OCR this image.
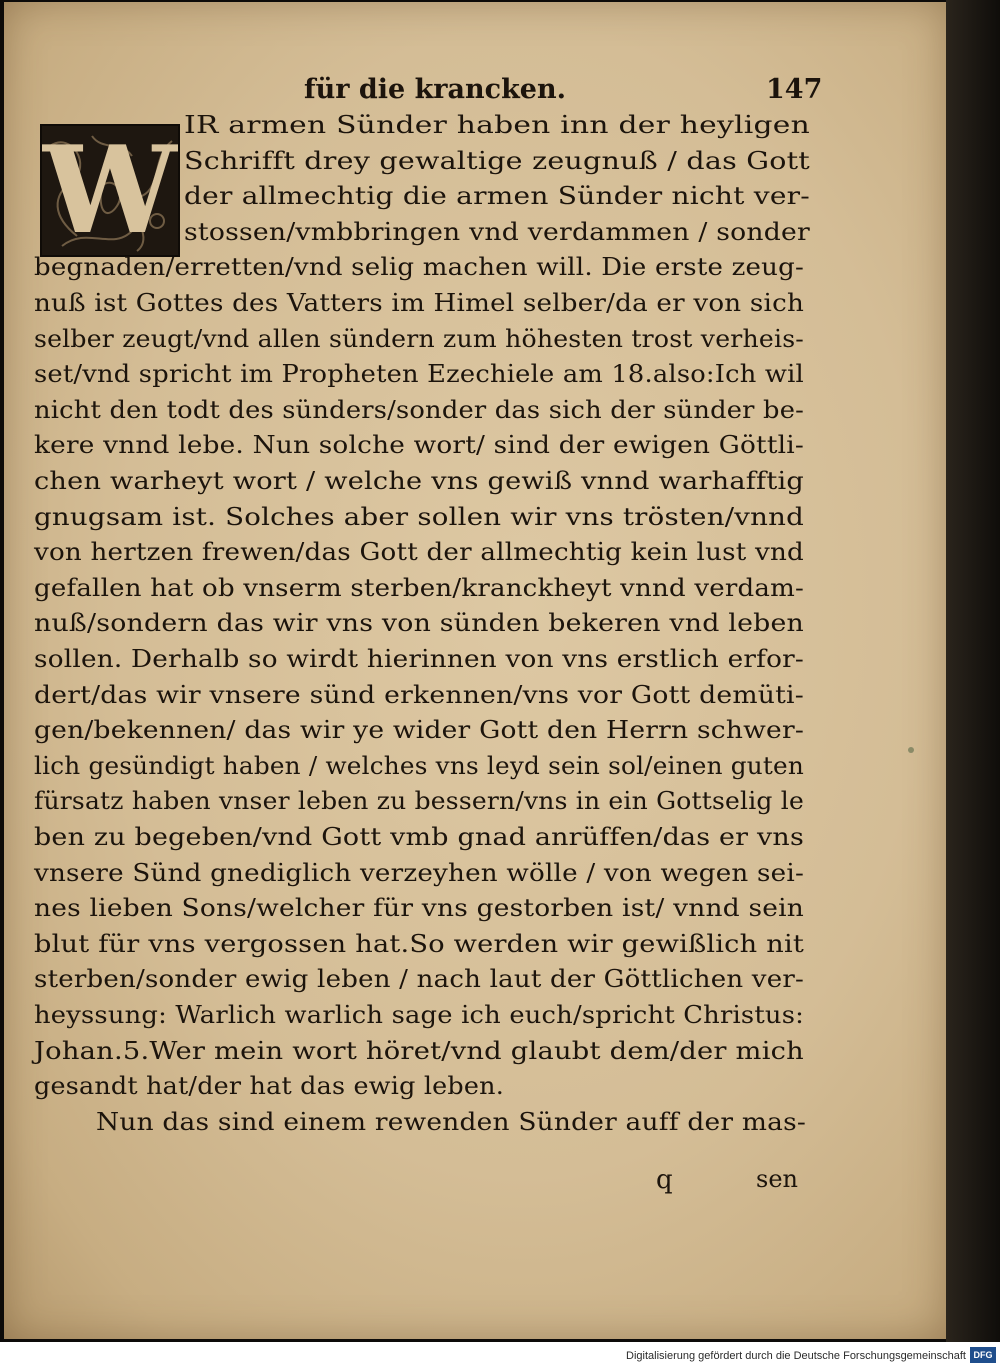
für die krancken.	147
W IR armen Sünder haben inn der heyligen
Schrifft drey gewaltige zeugnuß / das Gott
der allmechtig die armen Sünder nicht ver-
stossen/vmbbringen vnd verdammen / sonder
begnaden/erretten/vnd selig machen will. Die erste zeug-
nuß ist Gottes des Vatters im Himel selber/da er von sich
selber zeugt/vnd allen sündern zum höhesten trost verheis-
set/vnd spricht im Propheten Ezechiele am 18.also:Ich wil
nicht den todt des sünders/sonder das sich der sünder be-
kere vnnd lebe. Nun solche wort/ sind der ewigen Göttli-
chen warheyt wort / welche vns gewiß vnnd warhafftig
gnugsam ist. Solches aber sollen wir vns trösten/vnnd
von hertzen frewen/das Gott der allmechtig kein lust vnd
gefallen hat ob vnserm sterben/kranckheyt vnnd verdam-
nuß/sondern das wir vns von sünden bekeren vnd leben
sollen. Derhalb so wirdt hierinnen von vns erstlich erfor-
dert/das wir vnsere sünd erkennen/vns vor Gott demüti-
gen/bekennen/ das wir ye wider Gott den Herrn schwer-
lich gesündigt haben / welches vns leyd sein sol/einen guten
fürsatz haben vnser leben zu bessern/vns in ein Gottselig le
ben zu begeben/vnd Gott vmb gnad anrüffen/das er vns
vnsere Sünd gnediglich verzeyhen wölle / von wegen sei-
nes lieben Sons/welcher für vns gestorben ist/ vnnd sein
blut für vns vergossen hat.So werden wir gewißlich nit
sterben/sonder ewig leben / nach laut der Göttlichen ver-
heyssung: Warlich warlich sage ich euch/spricht Christus:
Johan.5.Wer mein wort höret/vnd glaubt dem/der mich
gesandt hat/der hat das ewig leben.
Nun das sind einem rewenden Sünder auff der mas-
q	sen
Digitalisierung gefördert durch die Deutsche Forschungsgemeinschaft DFG
